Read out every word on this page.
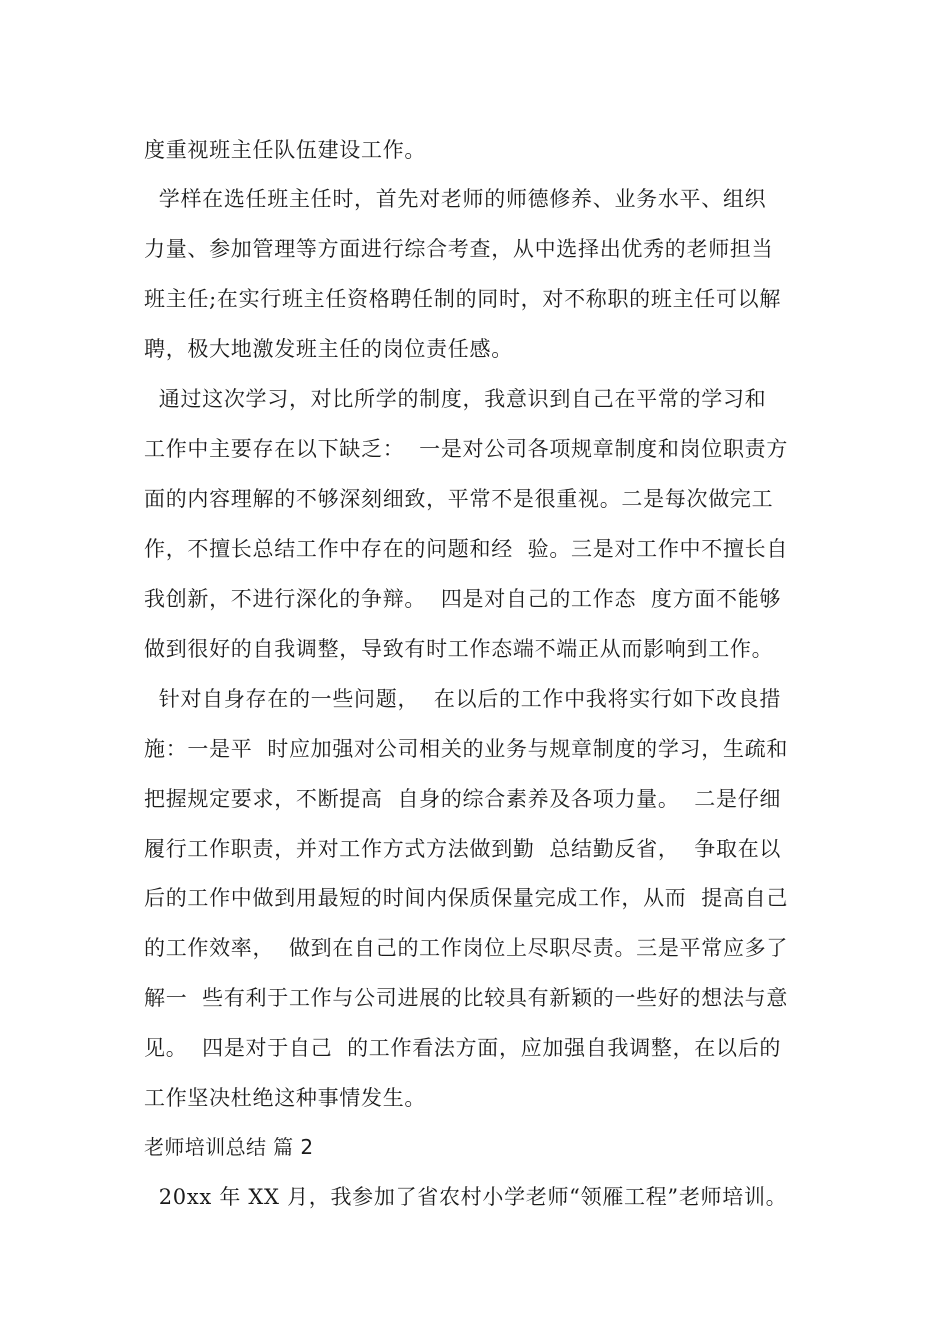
度重视班主任队伍建设工作。
学样在选任班主任时，首先对老师的师德修养、业务水平、组织
力量、参加管理等方面进行综合考查，从中选择出优秀的老师担当
班主任;在实行班主任资格聘任制的同时，对不称职的班主任可以解
聘，极大地激发班主任的岗位责任感。
通过这次学习，对比所学的制度，我意识到自己在平常的学习和
工作中主要存在以下缺乏：  一是对公司各项规章制度和岗位职责方
面的内容理解的不够深刻细致，平常不是很重视。二是每次做完工
作，不擅长总结工作中存在的问题和经  验。三是对工作中不擅长自
我创新，不进行深化的争辩。  四是对自己的工作态  度方面不能够
做到很好的自我调整，导致有时工作态端不端正从而影响到工作。
针对自身存在的一些问题，  在以后的工作中我将实行如下改良措
施：一是平  时应加强对公司相关的业务与规章制度的学习，生疏和
把握规定要求，不断提高  自身的综合素养及各项力量。  二是仔细
履行工作职责，并对工作方式方法做到勤  总结勤反省，  争取在以
后的工作中做到用最短的时间内保质保量完成工作，从而  提高自己
的工作效率，  做到在自己的工作岗位上尽职尽责。三是平常应多了
解一  些有利于工作与公司进展的比较具有新颖的一些好的想法与意
见。  四是对于自己  的工作看法方面，应加强自我调整，在以后的
工作坚决杜绝这种事情发生。
老师培训总结 篇 2
20xx 年 XX 月，我参加了省农村小学老师“领雁工程”老师培训。
